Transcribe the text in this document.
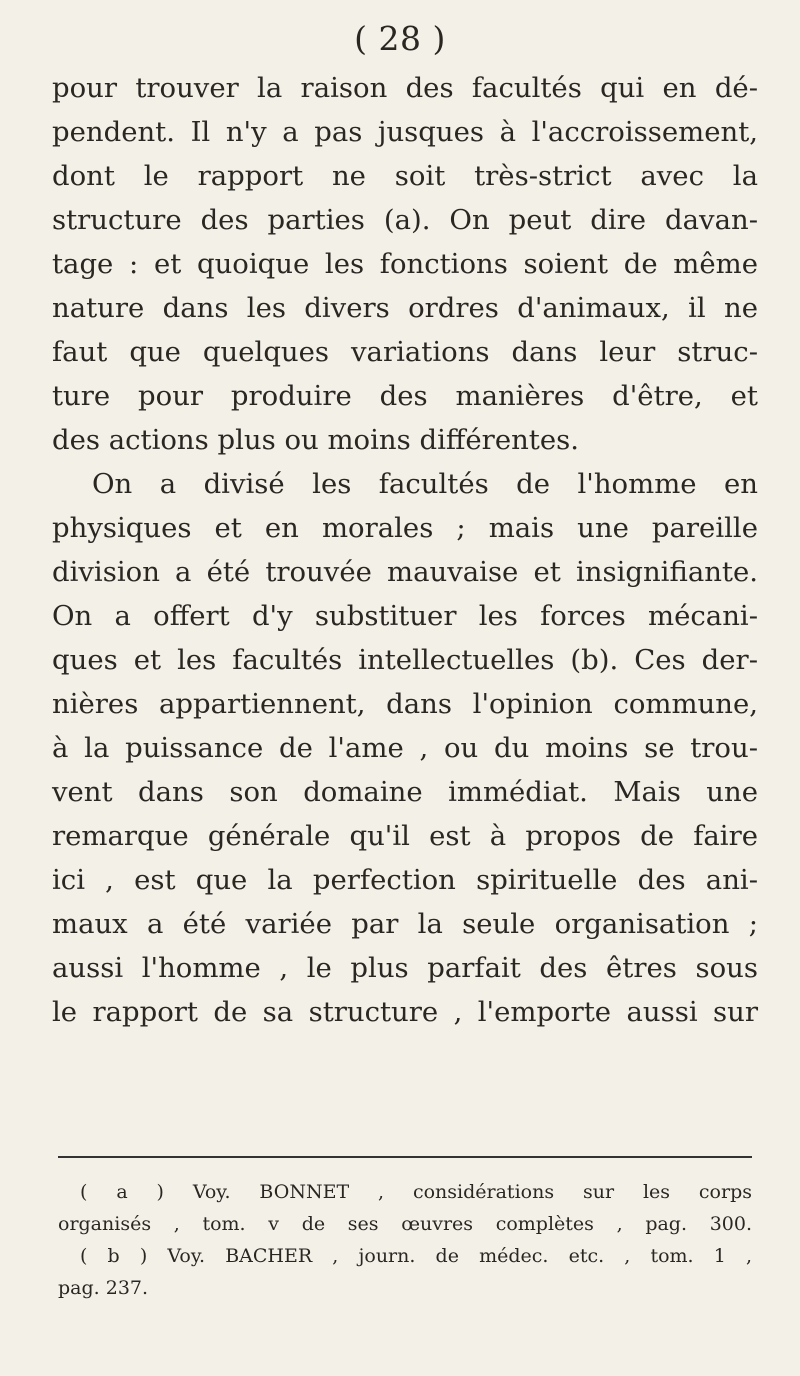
( 28 )
pour trouver la raison des facultés qui en dé-
pendent. Il n'y a pas jusques à l'accroissement,
dont le rapport ne soit très-strict avec la
structure des parties (a). On peut dire davan-
tage : et quoique les fonctions soient de même
nature dans les divers ordres d'animaux, il ne
faut que quelques variations dans leur struc-
ture pour produire des manières d'être, et
des actions plus ou moins différentes.
On a divisé les facultés de l'homme en
physiques et en morales ; mais une pareille
division a été trouvée mauvaise et insignifiante.
On a offert d'y substituer les forces mécani-
ques et les facultés intellectuelles (b). Ces der-
nières appartiennent, dans l'opinion commune,
à la puissance de l'ame , ou du moins se trou-
vent dans son domaine immédiat. Mais une
remarque générale qu'il est à propos de faire
ici , est que la perfection spirituelle des ani-
maux a été variée par la seule organisation ;
aussi l'homme , le plus parfait des êtres sous
le rapport de sa structure , l'emporte aussi sur
( a ) Voy. BONNET , considérations sur les corps
organisés , tom. v de ses œuvres complètes , pag. 300.
( b ) Voy. BACHER , journ. de médec. etc. , tom. 1 ,
pag. 237.
